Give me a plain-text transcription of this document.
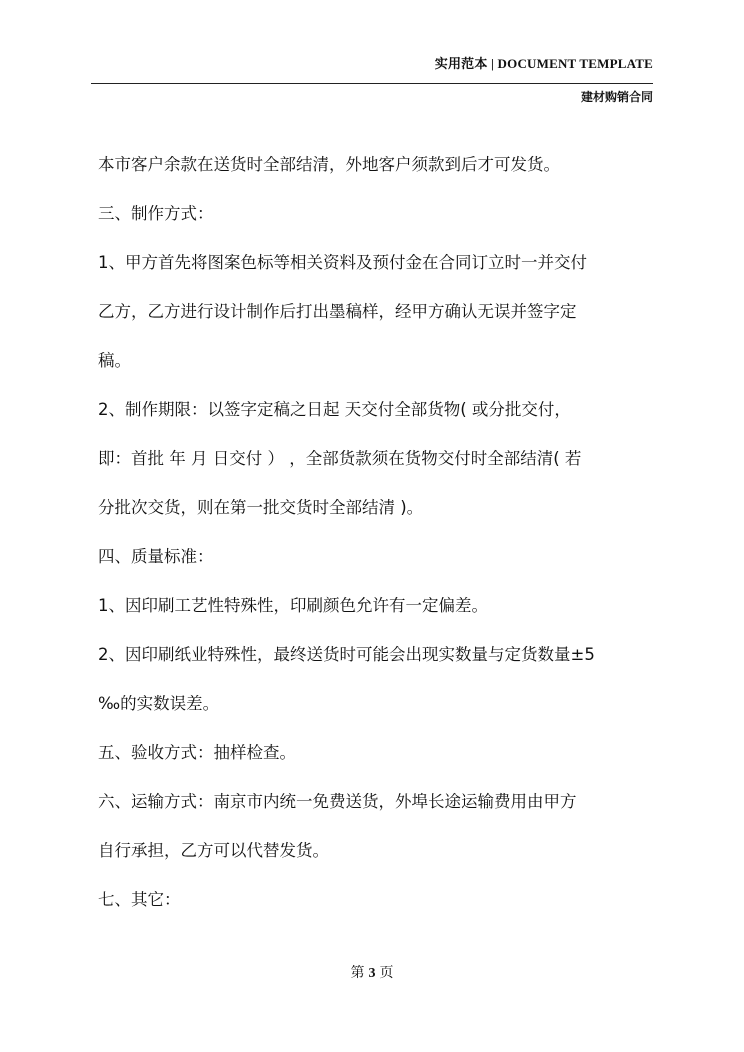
实用范本 | DOCUMENT TEMPLATE
建材购销合同

本市客户余款在送货时全部结清，外地客户须款到后才可发货。

三、制作方式：

1、甲方首先将图案色标等相关资料及预付金在合同订立时一并交付

乙方，乙方进行设计制作后打出墨稿样，经甲方确认无误并签字定

稿。

2、制作期限：以签字定稿之日起 天交付全部货物( 或分批交付，

即：首批 年 月 日交付 ） ，全部货款须在货物交付时全部结清( 若

分批次交货，则在第一批交货时全部结清 )。

四、质量标准：

1、因印刷工艺性特殊性，印刷颜色允许有一定偏差。

2、因印刷纸业特殊性，最终送货时可能会出现实数量与定货数量±5

‰的实数误差。

五、验收方式：抽样检查。

六、运输方式：南京市内统一免费送货，外埠长途运输费用由甲方

自行承担，乙方可以代替发货。

七、其它：

第 3 页
